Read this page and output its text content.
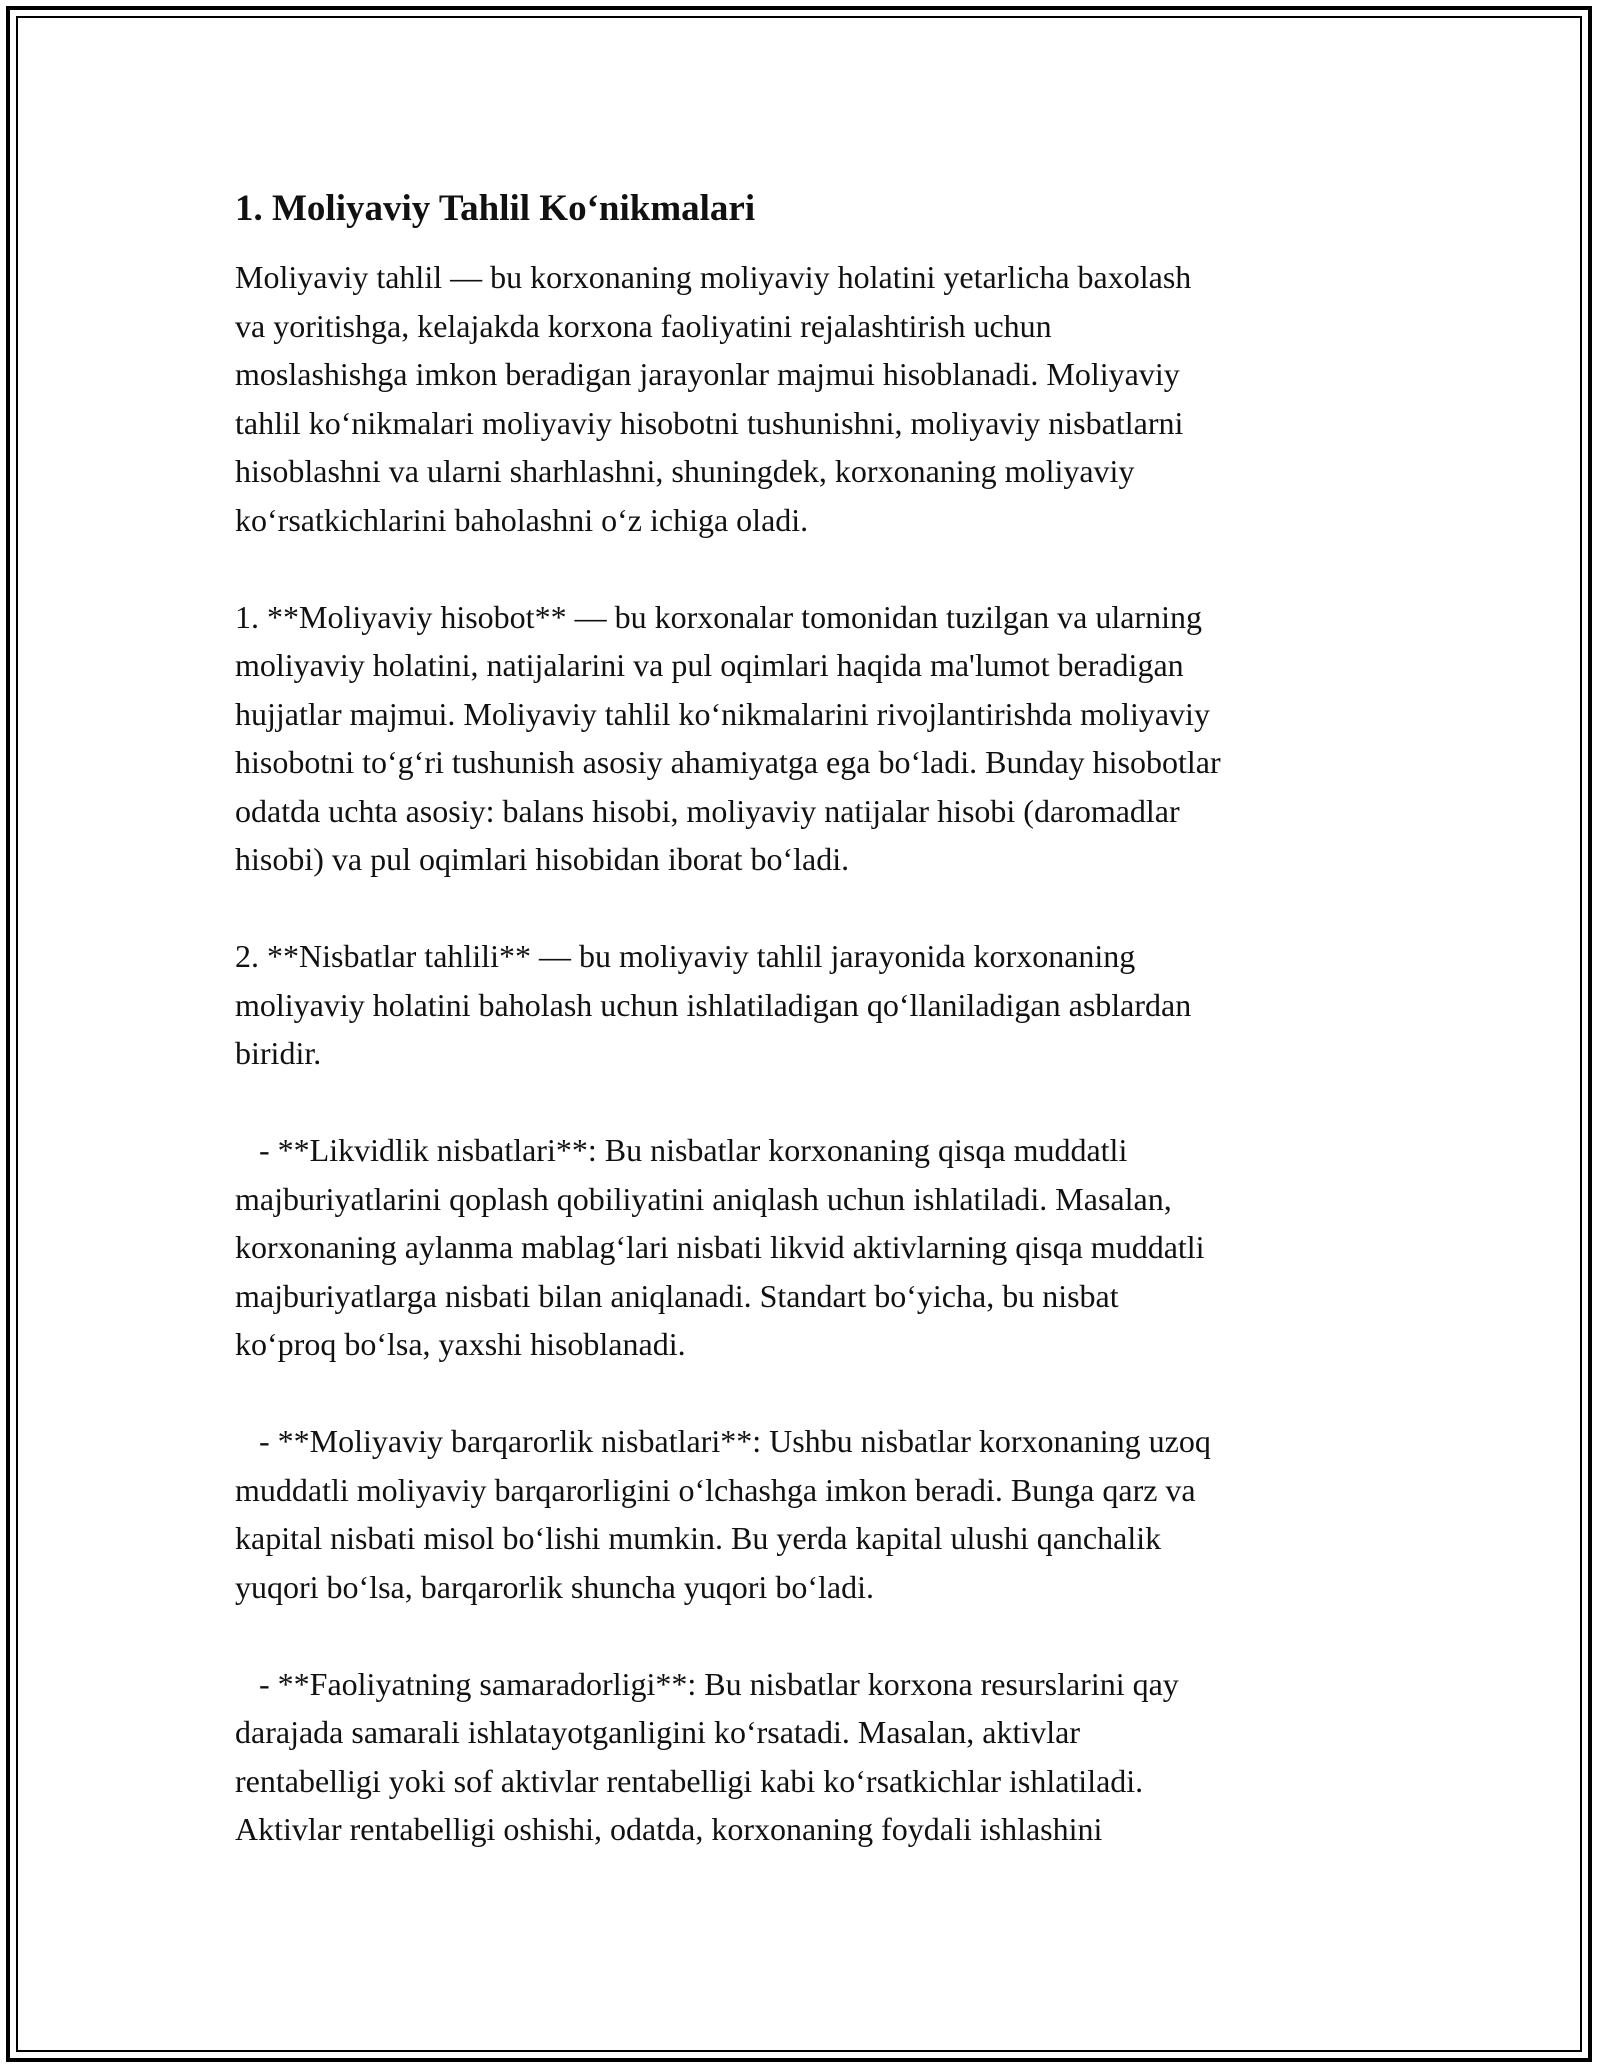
1. Moliyaviy Tahlil Koʻnikmalari

Moliyaviy tahlil — bu korxonaning moliyaviy holatini yetarlicha baxolash
va yoritishga, kelajakda korxona faoliyatini rejalashtirish uchun
moslashishga imkon beradigan jarayonlar majmui hisoblanadi. Moliyaviy
tahlil koʻnikmalari moliyaviy hisobotni tushunishni, moliyaviy nisbatlarni
hisoblashni va ularni sharhlashni, shuningdek, korxonaning moliyaviy
koʻrsatkichlarini baholashni oʻz ichiga oladi.

1. **Moliyaviy hisobot** — bu korxonalar tomonidan tuzilgan va ularning
moliyaviy holatini, natijalarini va pul oqimlari haqida ma'lumot beradigan
hujjatlar majmui. Moliyaviy tahlil koʻnikmalarini rivojlantirishda moliyaviy
hisobotni toʻgʻri tushunish asosiy ahamiyatga ega boʻladi. Bunday hisobotlar
odatda uchta asosiy: balans hisobi, moliyaviy natijalar hisobi (daromadlar
hisobi) va pul oqimlari hisobidan iborat boʻladi.

2. **Nisbatlar tahlili** — bu moliyaviy tahlil jarayonida korxonaning
moliyaviy holatini baholash uchun ishlatiladigan qoʻllaniladigan asblardan
biridir.

- **Likvidlik nisbatlari**: Bu nisbatlar korxonaning qisqa muddatli
majburiyatlarini qoplash qobiliyatini aniqlash uchun ishlatiladi. Masalan,
korxonaning aylanma mablagʻlari nisbati likvid aktivlarning qisqa muddatli
majburiyatlarga nisbati bilan aniqlanadi. Standart boʻyicha, bu nisbat
koʻproq boʻlsa, yaxshi hisoblanadi.

- **Moliyaviy barqarorlik nisbatlari**: Ushbu nisbatlar korxonaning uzoq
muddatli moliyaviy barqarorligini oʻlchashga imkon beradi. Bunga qarz va
kapital nisbati misol boʻlishi mumkin. Bu yerda kapital ulushi qanchalik
yuqori boʻlsa, barqarorlik shuncha yuqori boʻladi.

- **Faoliyatning samaradorligi**: Bu nisbatlar korxona resurslarini qay
darajada samarali ishlatayotganligini koʻrsatadi. Masalan, aktivlar
rentabelligi yoki sof aktivlar rentabelligi kabi koʻrsatkichlar ishlatiladi.
Aktivlar rentabelligi oshishi, odatda, korxonaning foydali ishlashini
